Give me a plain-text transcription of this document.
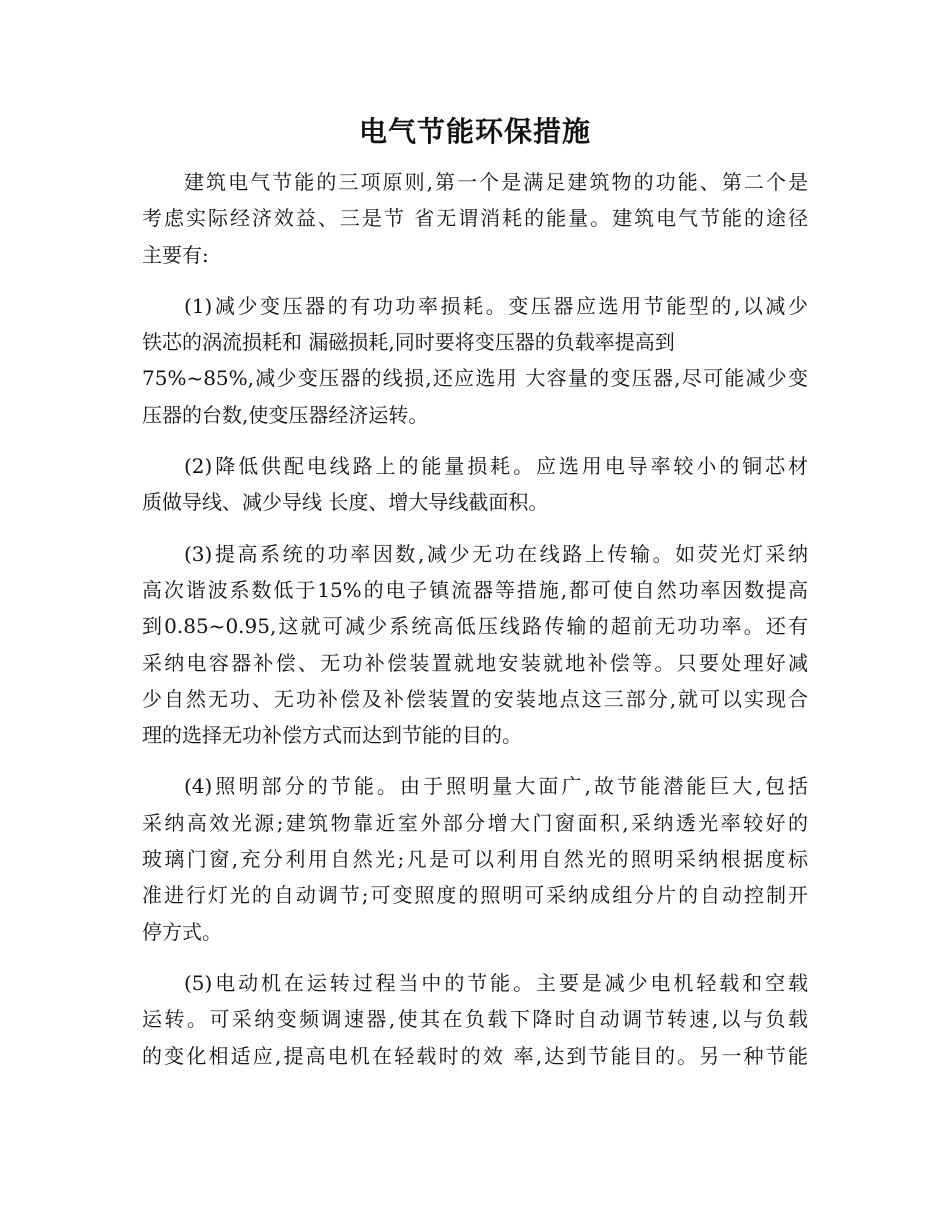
电气节能环保措施
建筑电气节能的三项原则,第一个是满足建筑物的功能、第二个是
考虑实际经济效益、三是节 省无谓消耗的能量。建筑电气节能的途径
主要有:
(1)减少变压器的有功功率损耗。变压器应选用节能型的,以减少
铁芯的涡流损耗和 漏磁损耗,同时要将变压器的负载率提高到
75%~85%,减少变压器的线损,还应选用 大容量的变压器,尽可能减少变
压器的台数,使变压器经济运转。
(2)降低供配电线路上的能量损耗。应选用电导率较小的铜芯材
质做导线、减少导线 长度、增大导线截面积。
(3)提高系统的功率因数,减少无功在线路上传输。如荧光灯采纳
高次谐波系数低于15%的电子镇流器等措施,都可使自然功率因数提高
到0.85~0.95,这就可减少系统高低压线路传输的超前无功功率。还有
采纳电容器补偿、无功补偿装置就地安装就地补偿等。只要处理好减
少自然无功、无功补偿及补偿装置的安装地点这三部分,就可以实现合
理的选择无功补偿方式而达到节能的目的。
(4)照明部分的节能。由于照明量大面广,故节能潜能巨大,包括
采纳高效光源;建筑物靠近室外部分增大门窗面积,采纳透光率较好的
玻璃门窗,充分利用自然光;凡是可以利用自然光的照明采纳根据度标
准进行灯光的自动调节;可变照度的照明可采纳成组分片的自动控制开
停方式。
(5)电动机在运转过程当中的节能。主要是减少电机轻载和空载
运转。可采纳变频调速器,使其在负载下降时自动调节转速,以与负载
的变化相适应,提高电机在轻载时的效 率,达到节能目的。另一种节能
